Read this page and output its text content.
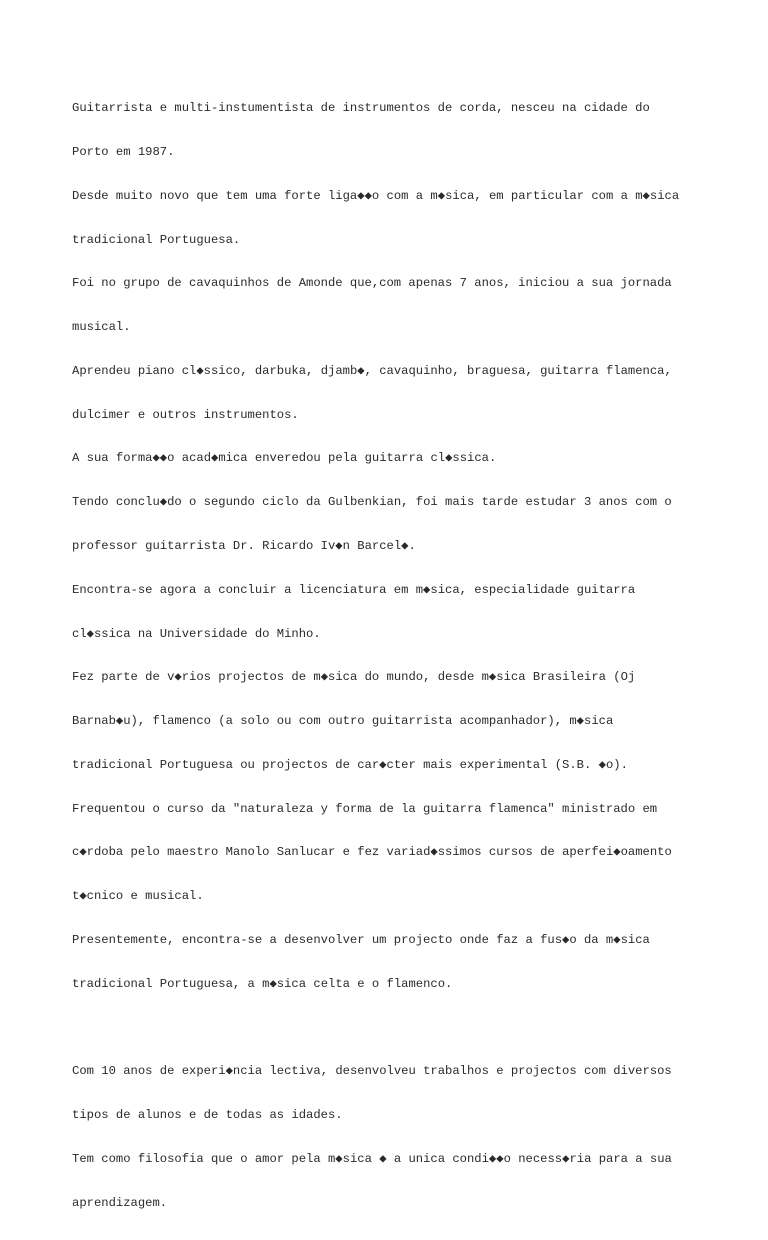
Guitarrista e multi-instumentista de instrumentos de corda, nesceu na cidade do

Porto em 1987.

Desde muito novo que tem uma forte liga◆◆o com a m◆sica, em particular com a m◆sica

tradicional Portuguesa.

Foi no grupo de cavaquinhos de Amonde que,com apenas 7 anos, iniciou a sua jornada

musical.

Aprendeu piano cl◆ssico, darbuka, djamb◆, cavaquinho, braguesa, guitarra flamenca,

dulcimer e outros instrumentos.

A sua forma◆◆o acad◆mica enveredou pela guitarra cl◆ssica.

Tendo conclu◆do o segundo ciclo da Gulbenkian, foi mais tarde estudar 3 anos com o

professor guitarrista Dr. Ricardo Iv◆n Barcel◆.

Encontra-se agora a concluir a licenciatura em m◆sica, especialidade guitarra

cl◆ssica na Universidade do Minho.

Fez parte de v◆rios projectos de m◆sica do mundo, desde m◆sica Brasileira (Oj

Barnab◆u), flamenco (a solo ou com outro guitarrista acompanhador), m◆sica

tradicional Portuguesa ou projectos de car◆cter mais experimental (S.B. ◆o).

Frequentou o curso da "naturaleza y forma de la guitarra flamenca" ministrado em

c◆rdoba pelo maestro Manolo Sanlucar e fez variad◆ssimos cursos de aperfei◆oamento

t◆cnico e musical.

Presentemente, encontra-se a desenvolver um projecto onde faz a fus◆o da m◆sica

tradicional Portuguesa, a m◆sica celta e o flamenco.

Com 10 anos de experi◆ncia lectiva, desenvolveu trabalhos e projectos com diversos

tipos de alunos e de todas as idades.

Tem como filosofia que o amor pela m◆sica ◆ a unica condi◆◆o necess◆ria para a sua

aprendizagem.
